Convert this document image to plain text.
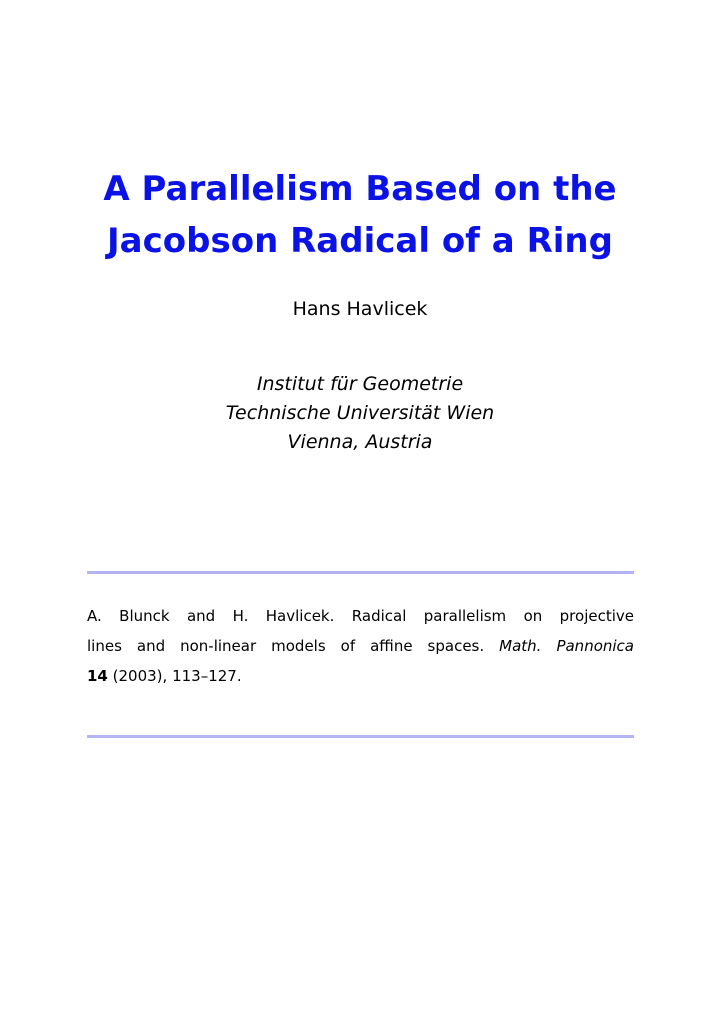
A Parallelism Based on the
Jacobson Radical of a Ring
Hans Havlicek
Institut für Geometrie
Technische Universität Wien
Vienna, Austria
A. Blunck and H. Havlicek. Radical parallelism on projective
lines and non-linear models of affine spaces. Math. Pannonica
14 (2003), 113–127.
